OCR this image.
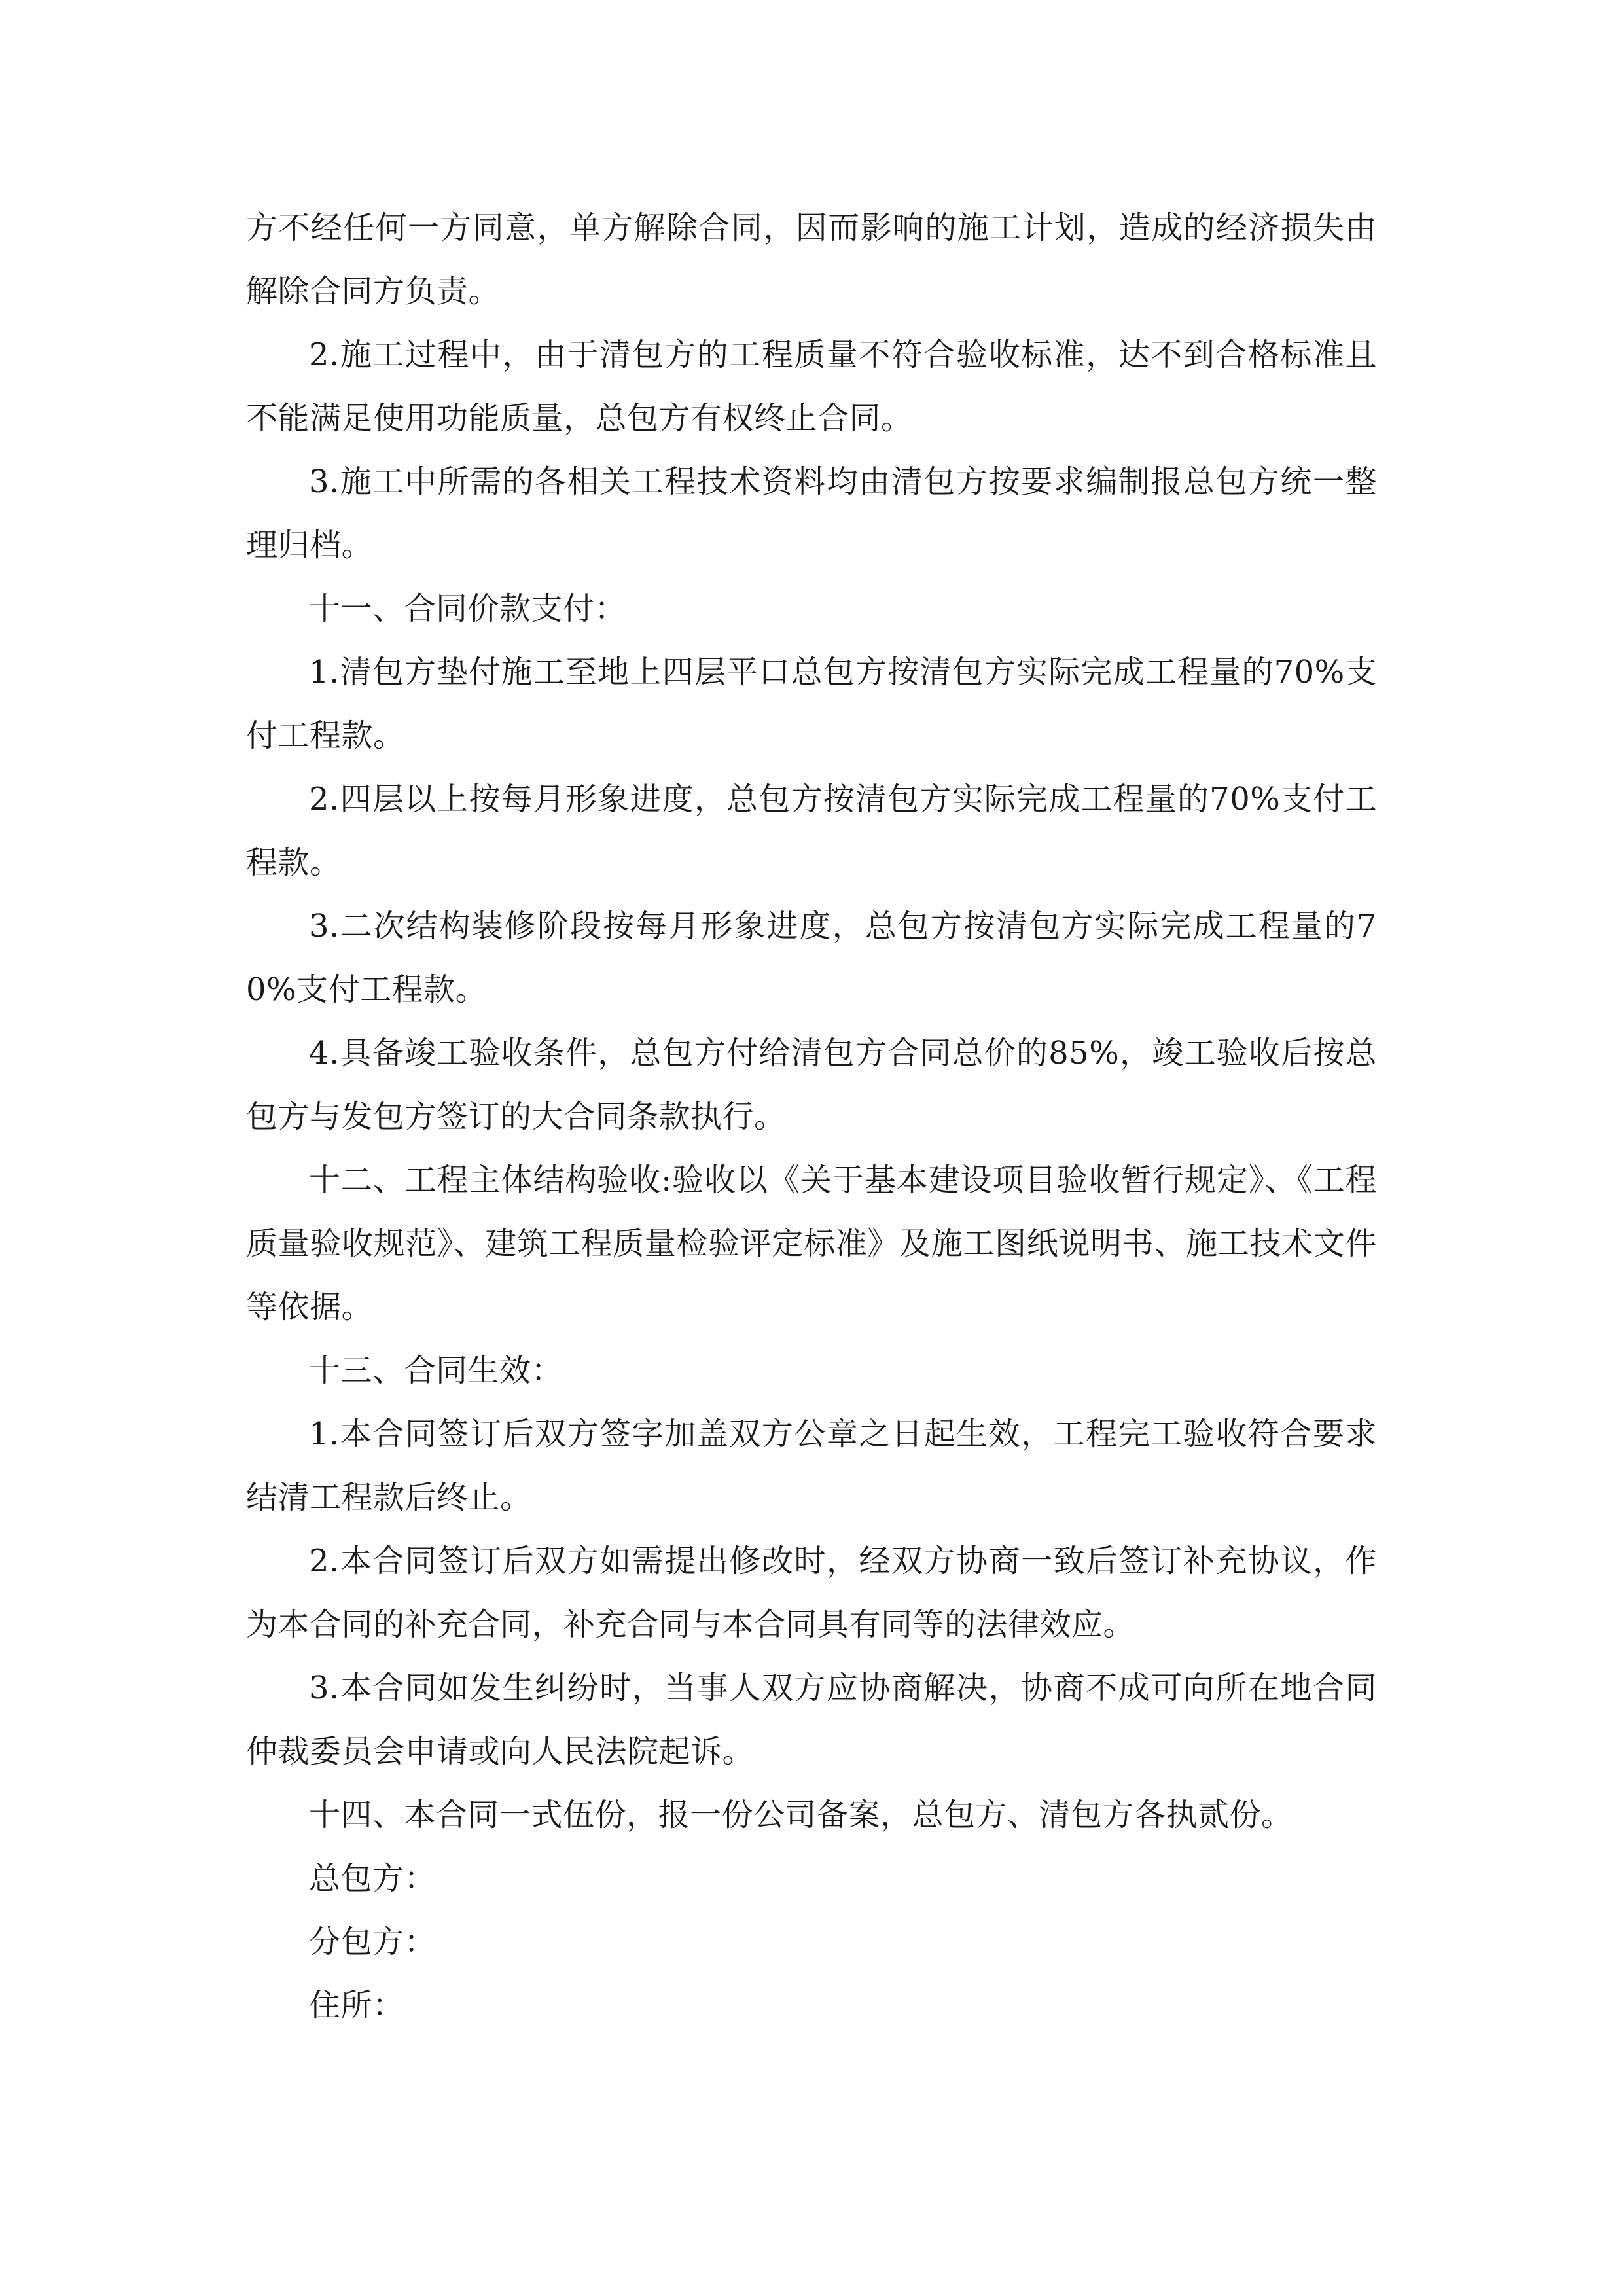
方不经任何一方同意，单方解除合同，因而影响的施工计划，造成的经济损失由解除合同方负责。

2.施工过程中，由于清包方的工程质量不符合验收标准，达不到合格标准且不能满足使用功能质量，总包方有权终止合同。

3.施工中所需的各相关工程技术资料均由清包方按要求编制报总包方统一整理归档。

十一、合同价款支付：

1.清包方垫付施工至地上四层平口总包方按清包方实际完成工程量的70%支付工程款。

2.四层以上按每月形象进度，总包方按清包方实际完成工程量的70%支付工程款。

3.二次结构装修阶段按每月形象进度，总包方按清包方实际完成工程量的70%支付工程款。

4.具备竣工验收条件，总包方付给清包方合同总价的85%，竣工验收后按总包方与发包方签订的大合同条款执行。

十二、工程主体结构验收:验收以《关于基本建设项目验收暂行规定》、《工程质量验收规范》、建筑工程质量检验评定标准》及施工图纸说明书、施工技术文件等依据。

十三、合同生效：

1.本合同签订后双方签字加盖双方公章之日起生效，工程完工验收符合要求结清工程款后终止。

2.本合同签订后双方如需提出修改时，经双方协商一致后签订补充协议，作为本合同的补充合同，补充合同与本合同具有同等的法律效应。

3.本合同如发生纠纷时，当事人双方应协商解决，协商不成可向所在地合同仲裁委员会申请或向人民法院起诉。

十四、本合同一式伍份，报一份公司备案，总包方、清包方各执贰份。

总包方：

分包方：

住所：
